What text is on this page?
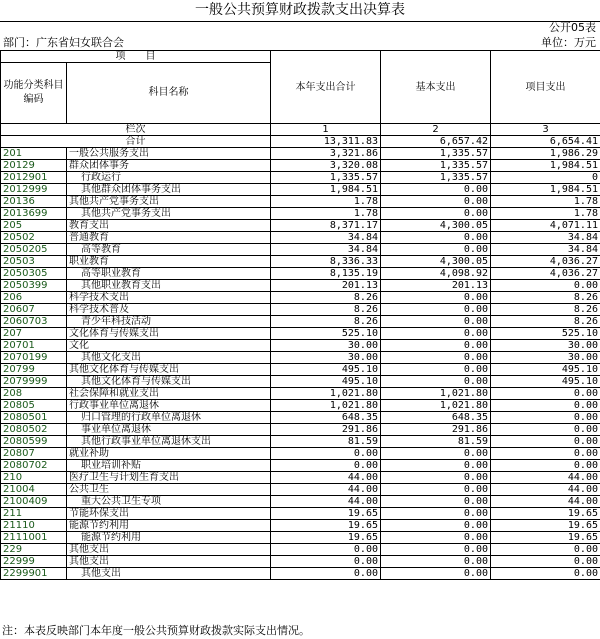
一般公共预算财政拨款支出决算表
公开05表
部门：广东省妇女联合会	单位：万元
项　　目		本年支出合计	基本支出	项目支出
功能分类科目编码	科目名称			
栏次		1	2	3
合计		13,311.83	6,657.42	6,654.41
201	一般公共服务支出	3,321.86	1,335.57	1,986.29
20129	群众团体事务	3,320.08	1,335.57	1,984.51
2012901	行政运行	1,335.57	1,335.57	0
2012999	其他群众团体事务支出	1,984.51	0.00	1,984.51
20136	其他共产党事务支出	1.78	0.00	1.78
2013699	其他共产党事务支出	1.78	0.00	1.78
205	教育支出	8,371.17	4,300.05	4,071.11
20502	普通教育	34.84	0.00	34.84
2050205	高等教育	34.84	0.00	34.84
20503	职业教育	8,336.33	4,300.05	4,036.27
2050305	高等职业教育	8,135.19	4,098.92	4,036.27
2050399	其他职业教育支出	201.13	201.13	0.00
206	科学技术支出	8.26	0.00	8.26
20607	科学技术普及	8.26	0.00	8.26
2060703	青少年科技活动	8.26	0.00	8.26
207	文化体育与传媒支出	525.10	0.00	525.10
20701	文化	30.00	0.00	30.00
2070199	其他文化支出	30.00	0.00	30.00
20799	其他文化体育与传媒支出	495.10	0.00	495.10
2079999	其他文化体育与传媒支出	495.10	0.00	495.10
208	社会保障和就业支出	1,021.80	1,021.80	0.00
20805	行政事业单位离退休	1,021.80	1,021.80	0.00
2080501	归口管理的行政单位离退休	648.35	648.35	0.00
2080502	事业单位离退休	291.86	291.86	0.00
2080599	其他行政事业单位离退休支出	81.59	81.59	0.00
20807	就业补助	0.00	0.00	0.00
2080702	职业培训补贴	0.00	0.00	0.00
210	医疗卫生与计划生育支出	44.00	0.00	44.00
21004	公共卫生	44.00	0.00	44.00
2100409	重大公共卫生专项	44.00	0.00	44.00
211	节能环保支出	19.65	0.00	19.65
21110	能源节约利用	19.65	0.00	19.65
2111001	能源节约利用	19.65	0.00	19.65
229	其他支出	0.00	0.00	0.00
22999	其他支出	0.00	0.00	0.00
2299901	其他支出	0.00	0.00	0.00
注：本表反映部门本年度一般公共预算财政拨款实际支出情况。
